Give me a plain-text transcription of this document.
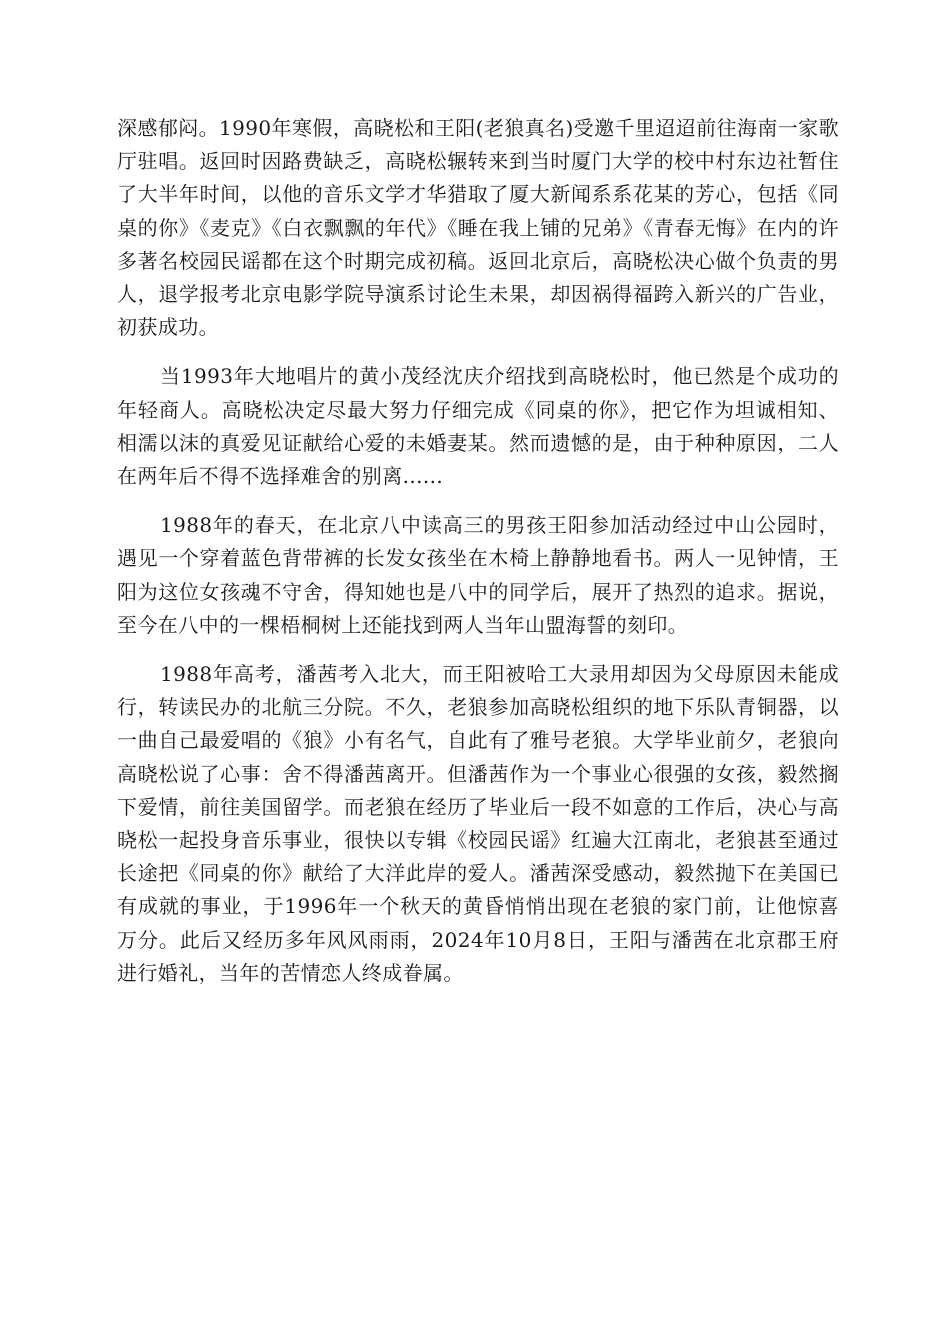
深感郁闷。1990年寒假，高晓松和王阳(老狼真名)受邀千里迢迢前往海南一家歌厅驻唱。返回时因路费缺乏，高晓松辗转来到当时厦门大学的校中村东边社暂住了大半年时间，以他的音乐文学才华猎取了厦大新闻系系花某的芳心，包括《同桌的你》《麦克》《白衣飘飘的年代》《睡在我上铺的兄弟》《青春无悔》在内的许多著名校园民谣都在这个时期完成初稿。返回北京后，高晓松决心做个负责的男人，退学报考北京电影学院导演系讨论生未果，却因祸得福跨入新兴的广告业，初获成功。

当1993年大地唱片的黄小茂经沈庆介绍找到高晓松时，他已然是个成功的年轻商人。高晓松决定尽最大努力仔细完成《同桌的你》，把它作为坦诚相知、相濡以沫的真爱见证献给心爱的未婚妻某。然而遗憾的是，由于种种原因，二人在两年后不得不选择难舍的别离......

1988年的春天，在北京八中读高三的男孩王阳参加活动经过中山公园时，遇见一个穿着蓝色背带裤的长发女孩坐在木椅上静静地看书。两人一见钟情，王阳为这位女孩魂不守舍，得知她也是八中的同学后，展开了热烈的追求。据说，至今在八中的一棵梧桐树上还能找到两人当年山盟海誓的刻印。

1988年高考，潘茜考入北大，而王阳被哈工大录用却因为父母原因未能成行，转读民办的北航三分院。不久，老狼参加高晓松组织的地下乐队青铜器，以一曲自己最爱唱的《狼》小有名气，自此有了雅号老狼。大学毕业前夕，老狼向高晓松说了心事：舍不得潘茜离开。但潘茜作为一个事业心很强的女孩，毅然搁下爱情，前往美国留学。而老狼在经历了毕业后一段不如意的工作后，决心与高晓松一起投身音乐事业，很快以专辑《校园民谣》红遍大江南北，老狼甚至通过长途把《同桌的你》献给了大洋此岸的爱人。潘茜深受感动，毅然抛下在美国已有成就的事业，于1996年一个秋天的黄昏悄悄出现在老狼的家门前，让他惊喜万分。此后又经历多年风风雨雨，2024年10月8日，王阳与潘茜在北京郡王府进行婚礼，当年的苦情恋人终成眷属。
